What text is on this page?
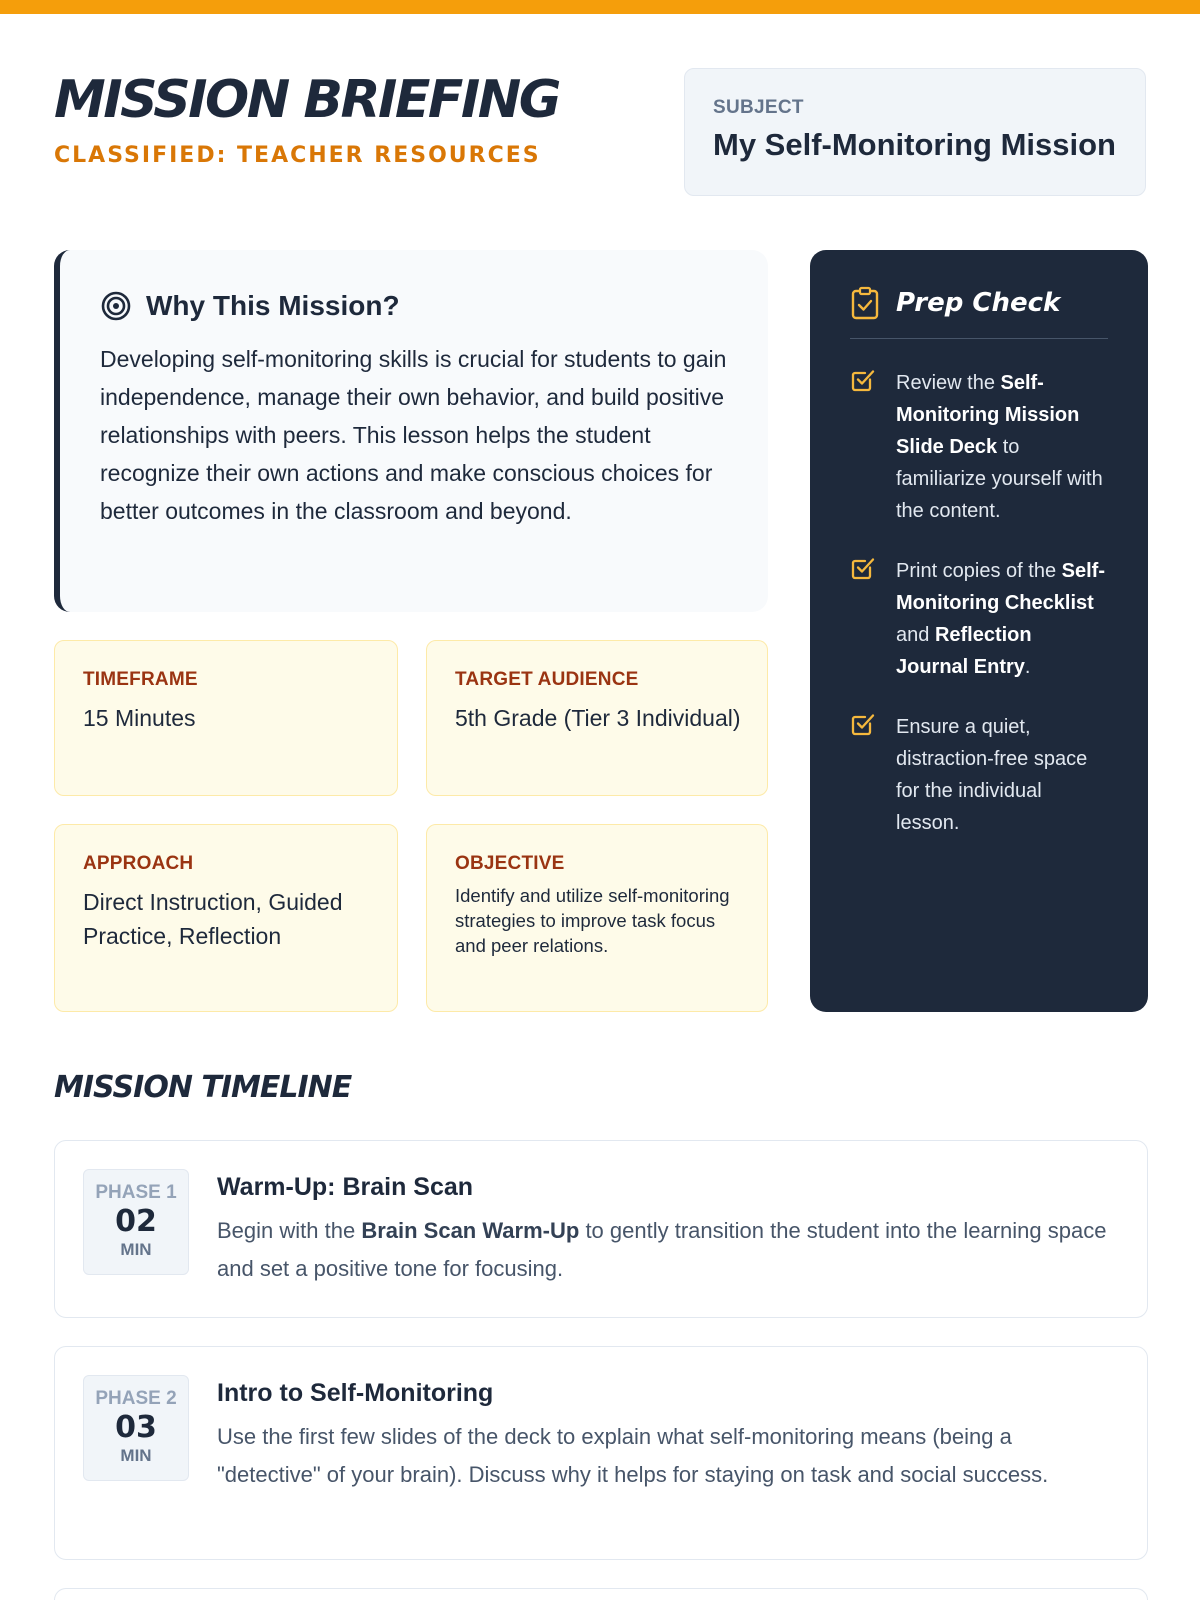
MISSION BRIEFING
CLASSIFIED: TEACHER RESOURCES
SUBJECT
My Self-Monitoring Mission
Why This Mission?

Developing self-monitoring skills is crucial for students to gain independence, manage their own behavior, and build positive relationships with peers. This lesson helps the student recognize their own actions and make conscious choices for better outcomes in the classroom and beyond.

TIMEFRAME
15 Minutes
TARGET AUDIENCE
5th Grade (Tier 3 Individual)
APPROACH
Direct Instruction, Guided Practice, Reflection
OBJECTIVE
Identify and utilize self-monitoring strategies to improve task focus and peer relations.
Prep Check
Review the Self-Monitoring Mission Slide Deck to familiarize yourself with the content.
Print copies of the Self-Monitoring Checklist and Reflection Journal Entry.
Ensure a quiet, distraction-free space for the individual lesson.
MISSION TIMELINE
PHASE 1
02
MIN
Warm-Up: Brain Scan
Begin with the Brain Scan Warm-Up to gently transition the student into the learning space and set a positive tone for focusing.
PHASE 2
03
MIN
Intro to Self-Monitoring
Use the first few slides of the deck to explain what self-monitoring means (being a "detective" of your brain). Discuss why it helps for staying on task and social success.
